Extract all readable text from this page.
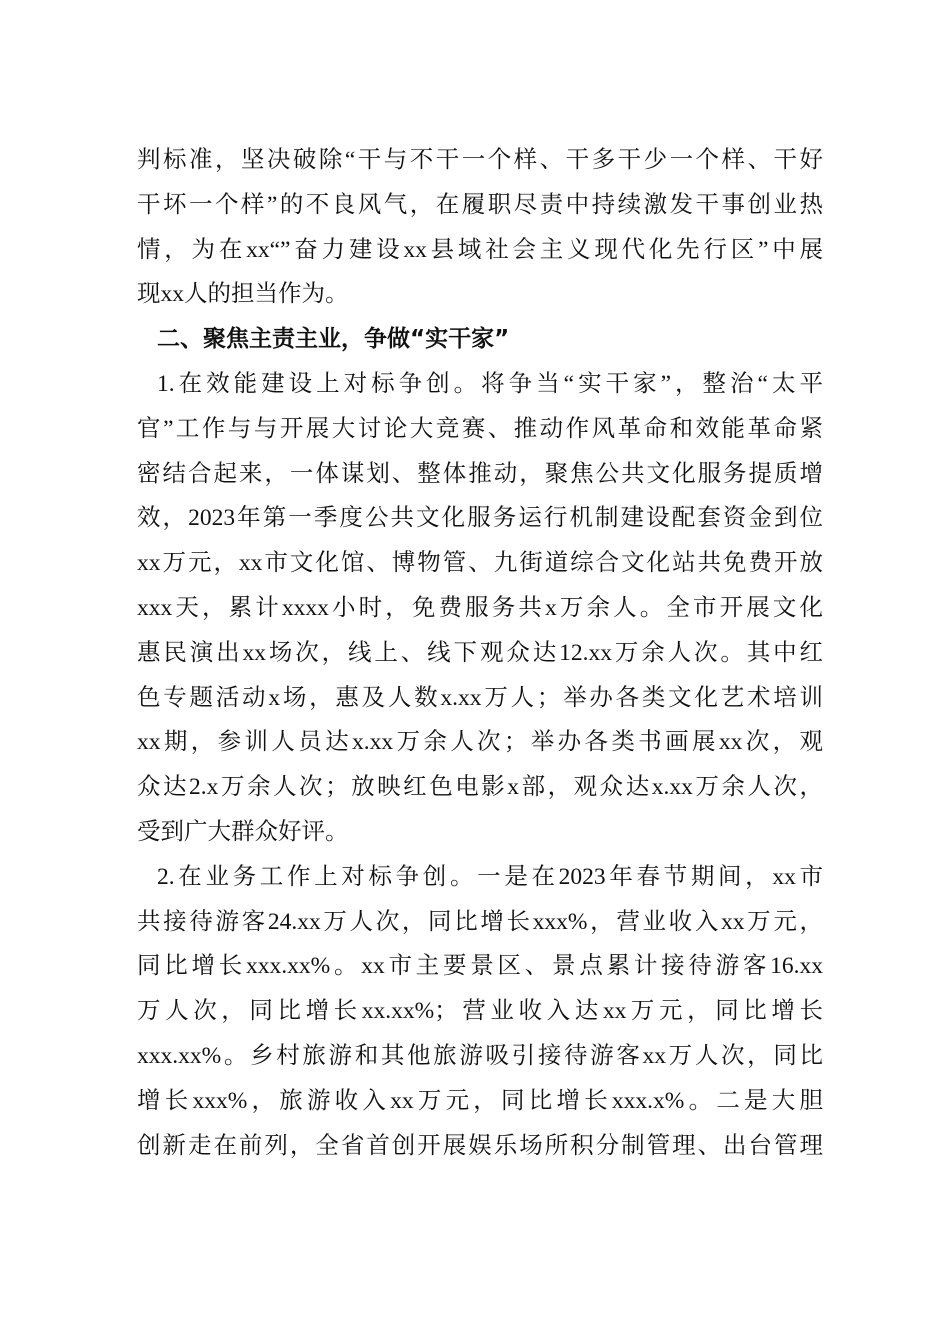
判标准，坚决破除“干与不干一个样、干多干少一个样、干好
干坏一个样”的不良风气，在履职尽责中持续激发干事创业热
情，为在xx“”奋力建设xx县域社会主义现代化先行区”中展
现xx人的担当作为。
二、聚焦主责主业，争做“实干家”
1.在效能建设上对标争创。将争当“实干家”，整治“太平
官”工作与与开展大讨论大竞赛、推动作风革命和效能革命紧
密结合起来，一体谋划、整体推动，聚焦公共文化服务提质增
效，2023年第一季度公共文化服务运行机制建设配套资金到位
xx万元，xx市文化馆、博物管、九街道综合文化站共免费开放
xxx天，累计xxxx小时，免费服务共x万余人。全市开展文化
惠民演出xx场次，线上、线下观众达12.xx万余人次。其中红
色专题活动x场，惠及人数x.xx万人；举办各类文化艺术培训
xx期，参训人员达x.xx万余人次；举办各类书画展xx次，观
众达2.x万余人次；放映红色电影x部，观众达x.xx万余人次，
受到广大群众好评。
2.在业务工作上对标争创。一是在2023年春节期间，xx市
共接待游客24.xx万人次，同比增长xxx%，营业收入xx万元，
同比增长xxx.xx%。xx市主要景区、景点累计接待游客16.xx
万人次，同比增长xx.xx%；营业收入达xx万元，同比增长
xxx.xx%。乡村旅游和其他旅游吸引接待游客xx万人次，同比
增长xxx%，旅游收入xx万元，同比增长xxx.x%。二是大胆
创新走在前列，全省首创开展娱乐场所积分制管理、出台管理
